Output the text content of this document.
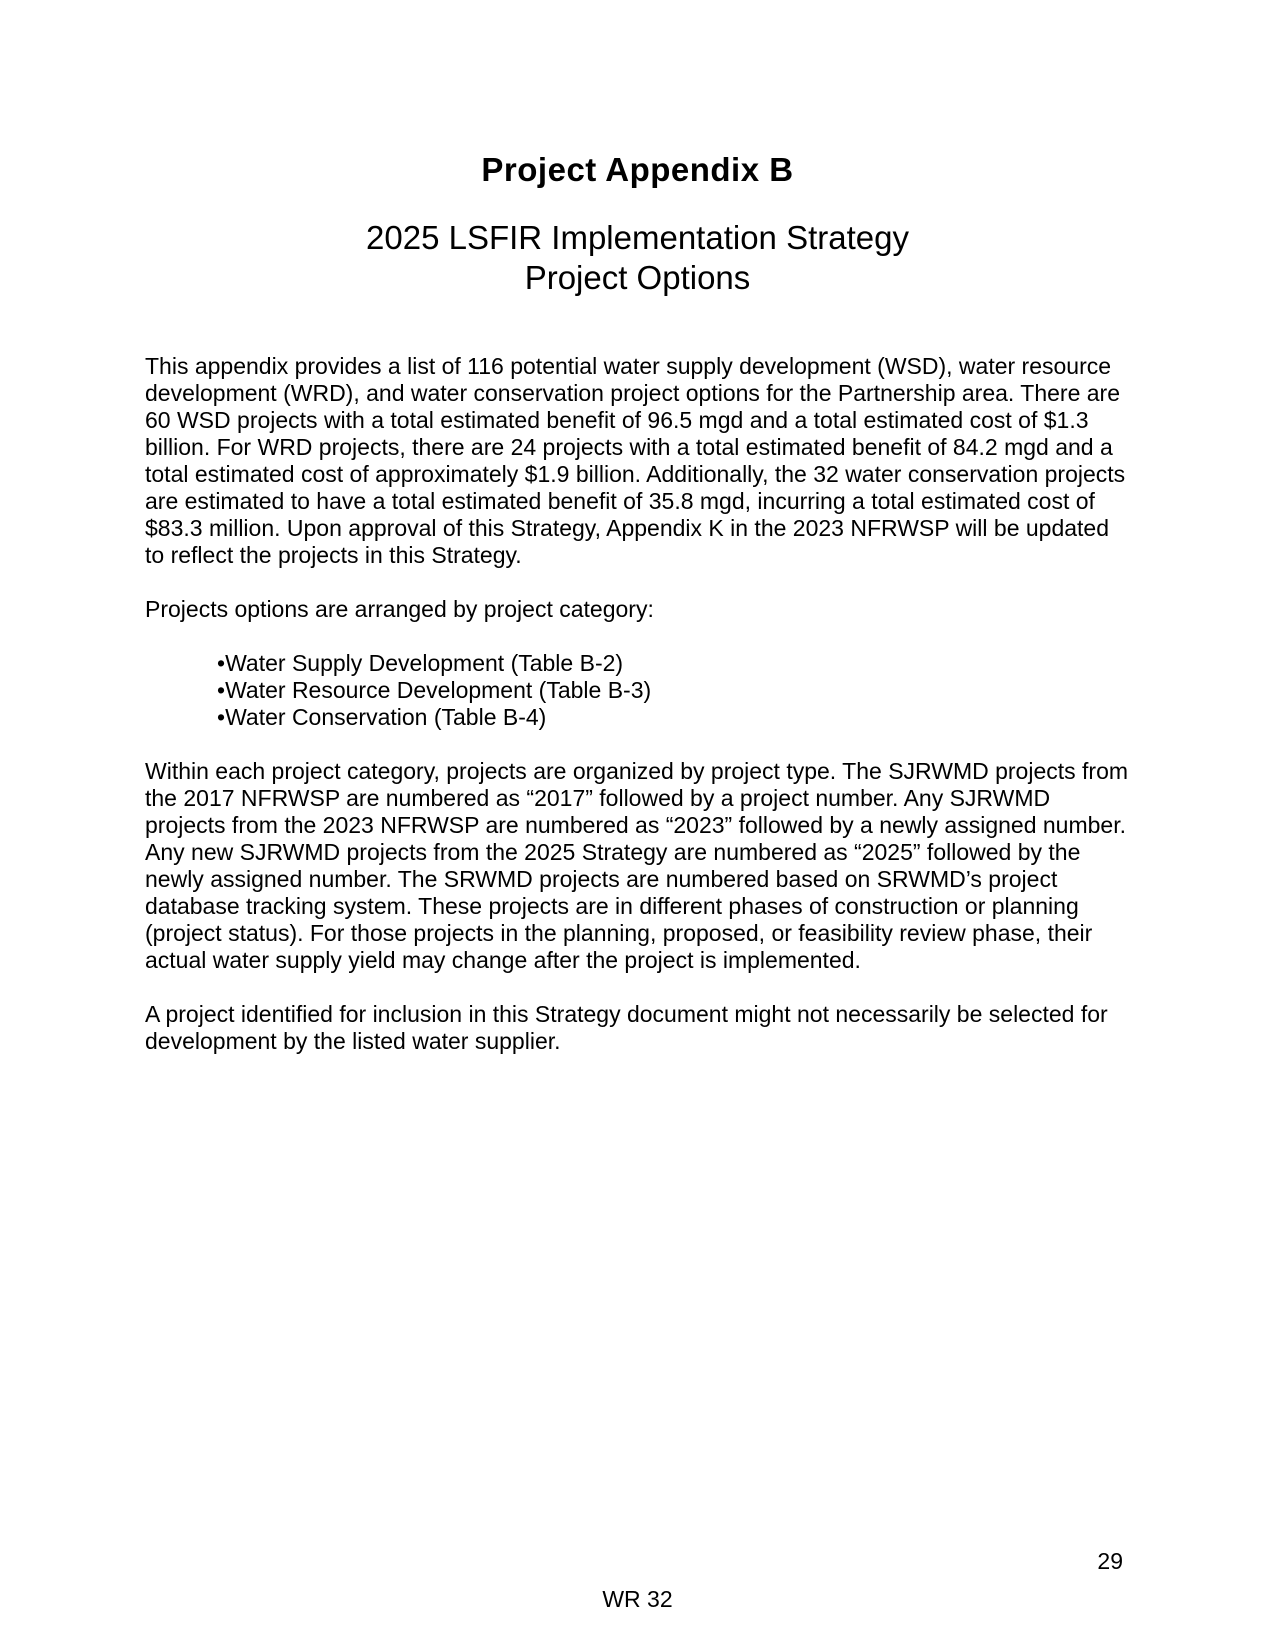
Project Appendix B
2025 LSFIR Implementation Strategy
Project Options

This appendix provides a list of 116 potential water supply development (WSD), water resource development (WRD), and water conservation project options for the Partnership area. There are 60 WSD projects with a total estimated benefit of 96.5 mgd and a total estimated cost of $1.3 billion. For WRD projects, there are 24 projects with a total estimated benefit of 84.2 mgd and a total estimated cost of approximately $1.9 billion. Additionally, the 32 water conservation projects are estimated to have a total estimated benefit of 35.8 mgd, incurring a total estimated cost of $83.3 million. Upon approval of this Strategy, Appendix K in the 2023 NFRWSP will be updated to reflect the projects in this Strategy.

Projects options are arranged by project category:

• Water Supply Development (Table B-2)
• Water Resource Development (Table B-3)
• Water Conservation (Table B-4)

Within each project category, projects are organized by project type. The SJRWMD projects from the 2017 NFRWSP are numbered as “2017” followed by a project number. Any SJRWMD projects from the 2023 NFRWSP are numbered as “2023” followed by a newly assigned number. Any new SJRWMD projects from the 2025 Strategy are numbered as “2025” followed by the newly assigned number. The SRWMD projects are numbered based on SRWMD’s project database tracking system. These projects are in different phases of construction or planning (project status). For those projects in the planning, proposed, or feasibility review phase, their actual water supply yield may change after the project is implemented.

A project identified for inclusion in this Strategy document might not necessarily be selected for development by the listed water supplier.

29
WR 32
